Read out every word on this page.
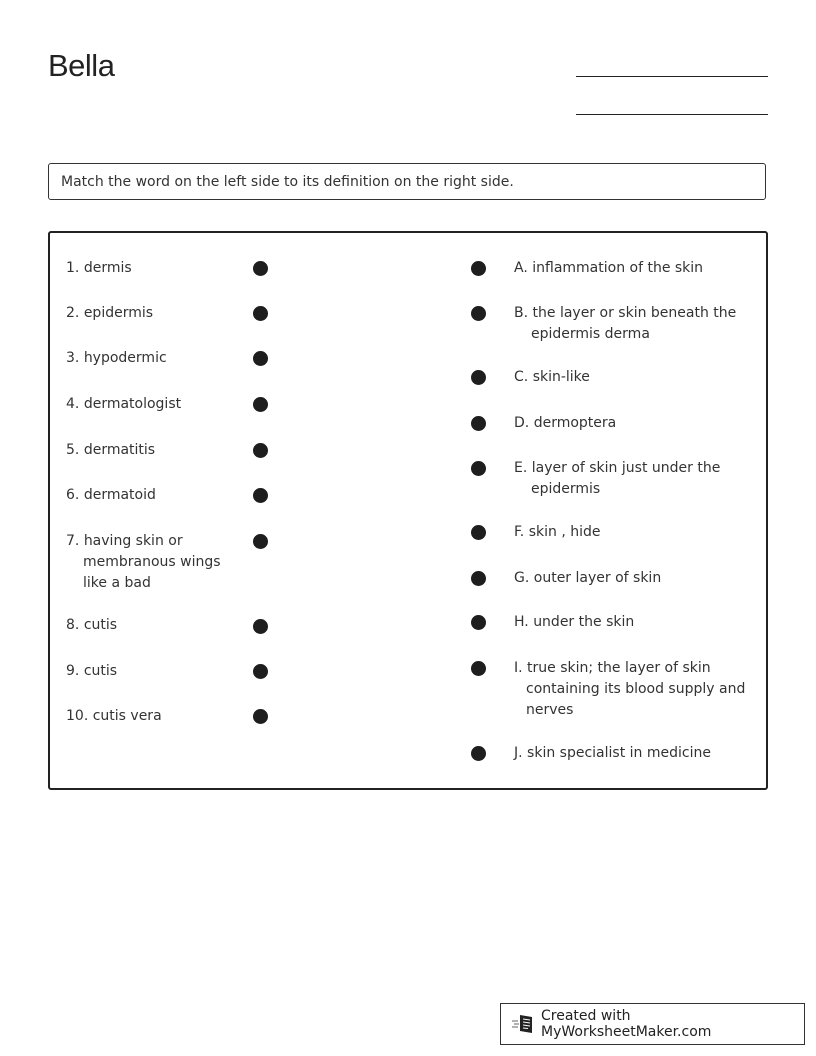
Bella
Match the word on the left side to its definition on the right side.
1. dermis
2. epidermis
3. hypodermic
4. dermatologist
5. dermatitis
6. dermatoid
7. having skin or membranous wings like a bad
8. cutis
9. cutis
10. cutis vera
A. inflammation of the skin
B. the layer or skin beneath the epidermis derma
C. skin-like
D. dermoptera
E. layer of skin just under the epidermis
F. skin , hide
G. outer layer of skin
H. under the skin
I. true skin; the layer of skin containing its blood supply and nerves
J. skin specialist in medicine
Created with MyWorksheetMaker.com
